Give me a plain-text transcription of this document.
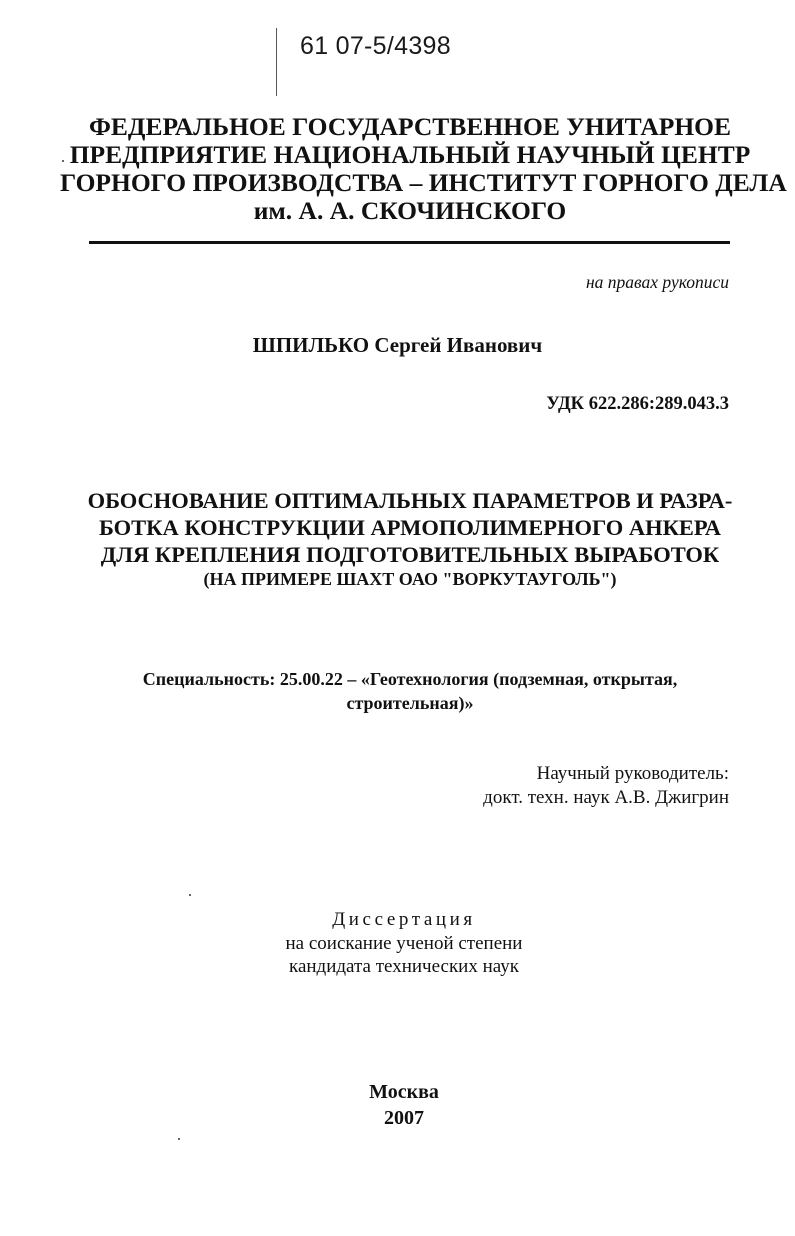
61 07-5/4398
ФЕДЕРАЛЬНОЕ ГОСУДАРСТВЕННОЕ УНИТАРНОЕ
ПРЕДПРИЯТИЕ НАЦИОНАЛЬНЫЙ НАУЧНЫЙ ЦЕНТР
ГОРНОГО ПРОИЗВОДСТВА – ИНСТИТУТ ГОРНОГО ДЕЛА
им. А. А. СКОЧИНСКОГО
на правах рукописи
ШПИЛЬКО Сергей Иванович
УДК 622.286:289.043.3
ОБОСНОВАНИЕ ОПТИМАЛЬНЫХ ПАРАМЕТРОВ И РАЗРА-
БОТКА КОНСТРУКЦИИ АРМОПОЛИМЕРНОГО АНКЕРА
ДЛЯ КРЕПЛЕНИЯ ПОДГОТОВИТЕЛЬНЫХ ВЫРАБОТОК
(НА ПРИМЕРЕ ШАХТ ОАО "ВОРКУТАУГОЛЬ")
Специальность: 25.00.22 – «Геотехнология (подземная, открытая,
строительная)»
Научный руководитель:
докт. техн. наук А.В. Джигрин
Диссертация
на соискание ученой степени
кандидата технических наук
Москва
2007
